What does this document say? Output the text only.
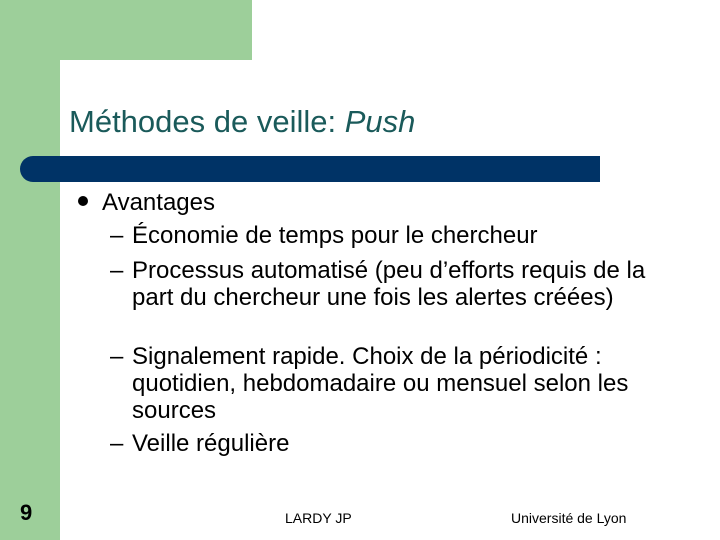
Méthodes de veille: Push
Avantages
– Économie de temps pour le chercheur
– Processus automatisé (peu d’efforts requis de la part du chercheur une fois les alertes créées)
– Signalement rapide. Choix de la périodicité : quotidien, hebdomadaire ou mensuel selon les sources
– Veille régulière
9	LARDY JP	Université de Lyon
